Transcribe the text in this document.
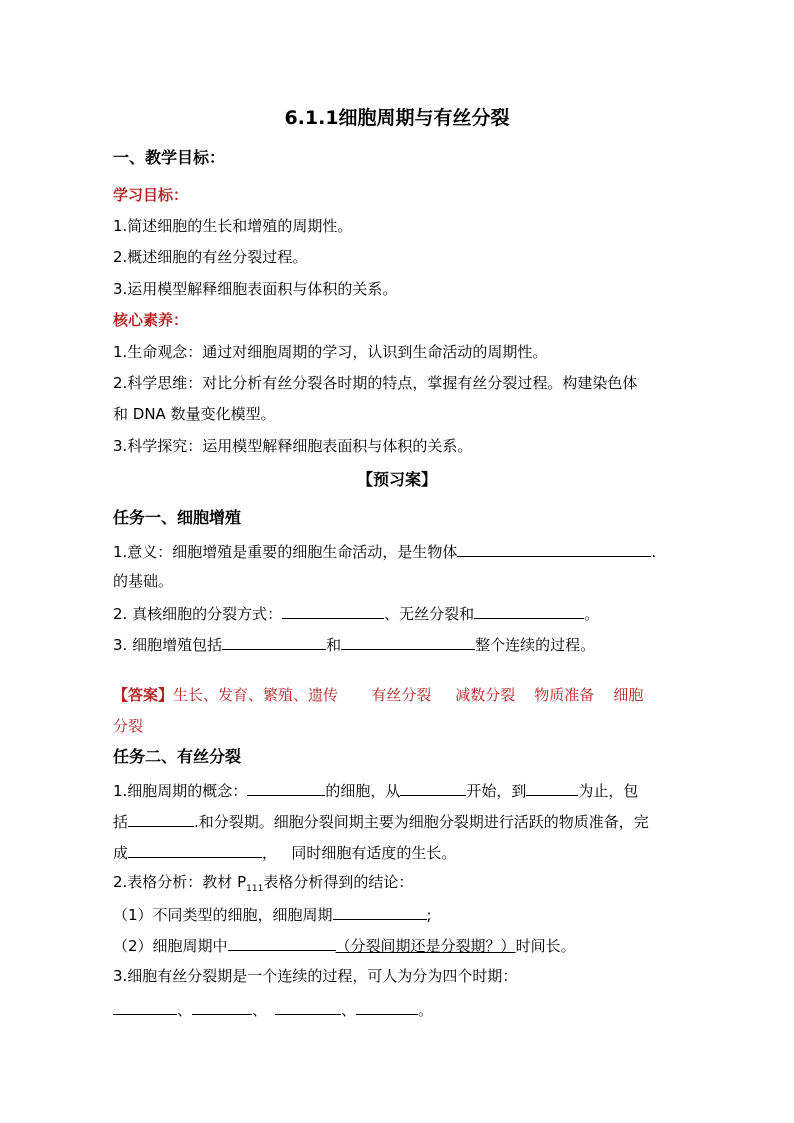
6.1.1细胞周期与有丝分裂
一、教学目标：
学习目标：
1.简述细胞的生长和增殖的周期性。
2.概述细胞的有丝分裂过程。
3.运用模型解释细胞表面积与体积的关系。
核心素养：
1.生命观念：通过对细胞周期的学习，认识到生命活动的周期性。
2.科学思维：对比分析有丝分裂各时期的特点，掌握有丝分裂过程。构建染色体
和 DNA 数量变化模型。
3.科学探究：运用模型解释细胞表面积与体积的关系。
【预习案】
任务一、细胞增殖
1.意义：细胞增殖是重要的细胞生命活动，是生物体	.
的基础。
2. 真核细胞的分裂方式：	、无丝分裂和	。
3. 细胞增殖包括	和	整个连续的过程。
【答案】生长、发育、繁殖、遗传       有丝分裂     减数分裂    物质准备    细胞
分裂
任务二、有丝分裂
1.细胞周期的概念：	的细胞，从	开始，到	为止，包
括	.和分裂期。细胞分裂间期主要为细胞分裂期进行活跃的物质准备，完
成	，   同时细胞有适度的生长。
2.表格分析：教材 $P_{111}$表格分析得到的结论：
（1）不同类型的细胞，细胞周期	;
（2）细胞周期中	（分裂间期还是分裂期？）时间长。
3.细胞有丝分裂期是一个连续的过程，可人为分为四个时期：
、	、	、	。
